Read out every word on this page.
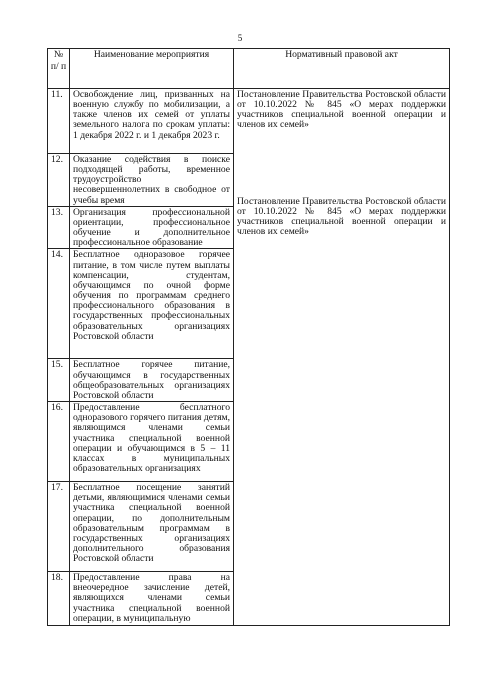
5
№ п/ п	Наименование мероприятия	Нормативный правовой акт
11.	Освобождение лиц, призванных на военную службу по мобилизации, а также членов их семей от уплаты земельного налога по срокам уплаты: 1 декабря 2022 г. и 1 декабря 2023 г.	Постановление Правительства Ростовской области от 10.10.2022 № 845 «О мерах поддержки участников специальной военной операции и членов их семей»
Постановление Правительства Ростовской области от 10.10.2022 № 845 «О мерах поддержки участников специальной военной операции и членов их семей»

12.	Оказание содействия в поиске подходящей работы, временное трудоустройство несовершеннолетних в свободное от учебы время	
13.	Организация профессиональной ориентации, профессиональное обучение и дополнительное профессиональное образование	
14.	Бесплатное одноразовое горячее питание, в том числе путем выплаты компенсации, студентам, обучающимся по очной форме обучения по программам среднего профессионального образования в государственных профессиональных образовательных организациях Ростовской области	
15.	Бесплатное горячее питание, обучающимся в государственных общеобразовательных организациях Ростовской области	
16.	Предоставление бесплатного одноразового горячего питания детям, являющимся членами семьи участника специальной военной операции и обучающимся в 5 – 11 классах в муниципальных образовательных организациях	
17.	Бесплатное посещение занятий детьми, являющимися членами семьи участника специальной военной операции, по дополнительным образовательным программам в государственных организациях дополнительного образования Ростовской области	
18.	Предоставление права на внеочередное зачисление детей, являющихся членами семьи участника специальной военной операции, в муниципальную	
